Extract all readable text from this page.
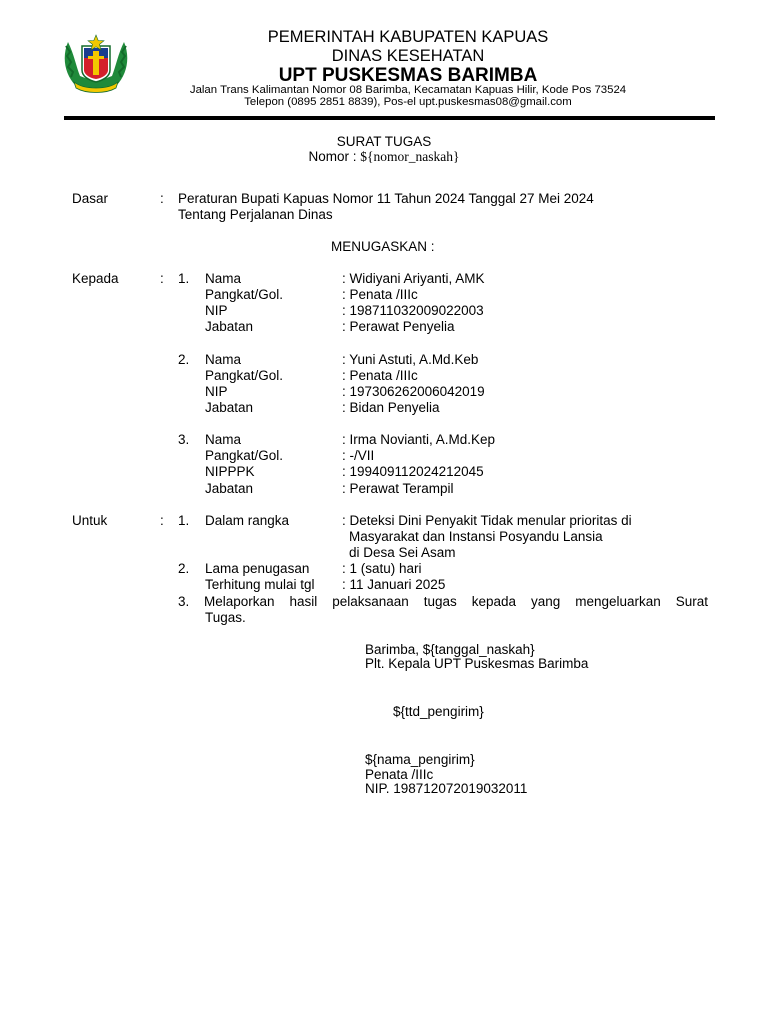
PEMERINTAH KABUPATEN KAPUAS
DINAS KESEHATAN
UPT PUSKESMAS BARIMBA
Jalan Trans Kalimantan Nomor 08 Barimba, Kecamatan Kapuas Hilir, Kode Pos 73524
Telepon (0895 2851 8839), Pos-el upt.puskesmas08@gmail.com
SURAT TUGAS
Nomor : ${nomor_naskah}
Dasar	: Peraturan Bupati Kapuas Nomor 11 Tahun 2024 Tanggal 27 Mei 2024
Tentang Perjalanan Dinas
MENUGASKAN :
Kepada	: 1. Nama	: Widiyani Ariyanti, AMK
Pangkat/Gol.	: Penata /IIIc
NIP	: 198711032009022003
Jabatan	: Perawat Penyelia
2. Nama	: Yuni Astuti, A.Md.Keb
Pangkat/Gol.	: Penata /IIIc
NIP	: 197306262006042019
Jabatan	: Bidan Penyelia
3. Nama	: Irma Novianti, A.Md.Kep
Pangkat/Gol.	: -/VII
NIPPPK	: 199409112024212045
Jabatan	: Perawat Terampil
Untuk	: 1. Dalam rangka	: Deteksi Dini Penyakit Tidak menular prioritas di
Masyarakat dan Instansi Posyandu Lansia
di Desa Sei Asam
2. Lama penugasan : 1 (satu) hari
Terhitung mulai tgl : 11 Januari 2025
3. Melaporkan hasil pelaksanaan tugas kepada yang mengeluarkan Surat
Tugas.
Barimba, ${tanggal_naskah}
Plt. Kepala UPT Puskesmas Barimba
${ttd_pengirim}
${nama_pengirim}
Penata /IIIc
NIP. 198712072019032011
